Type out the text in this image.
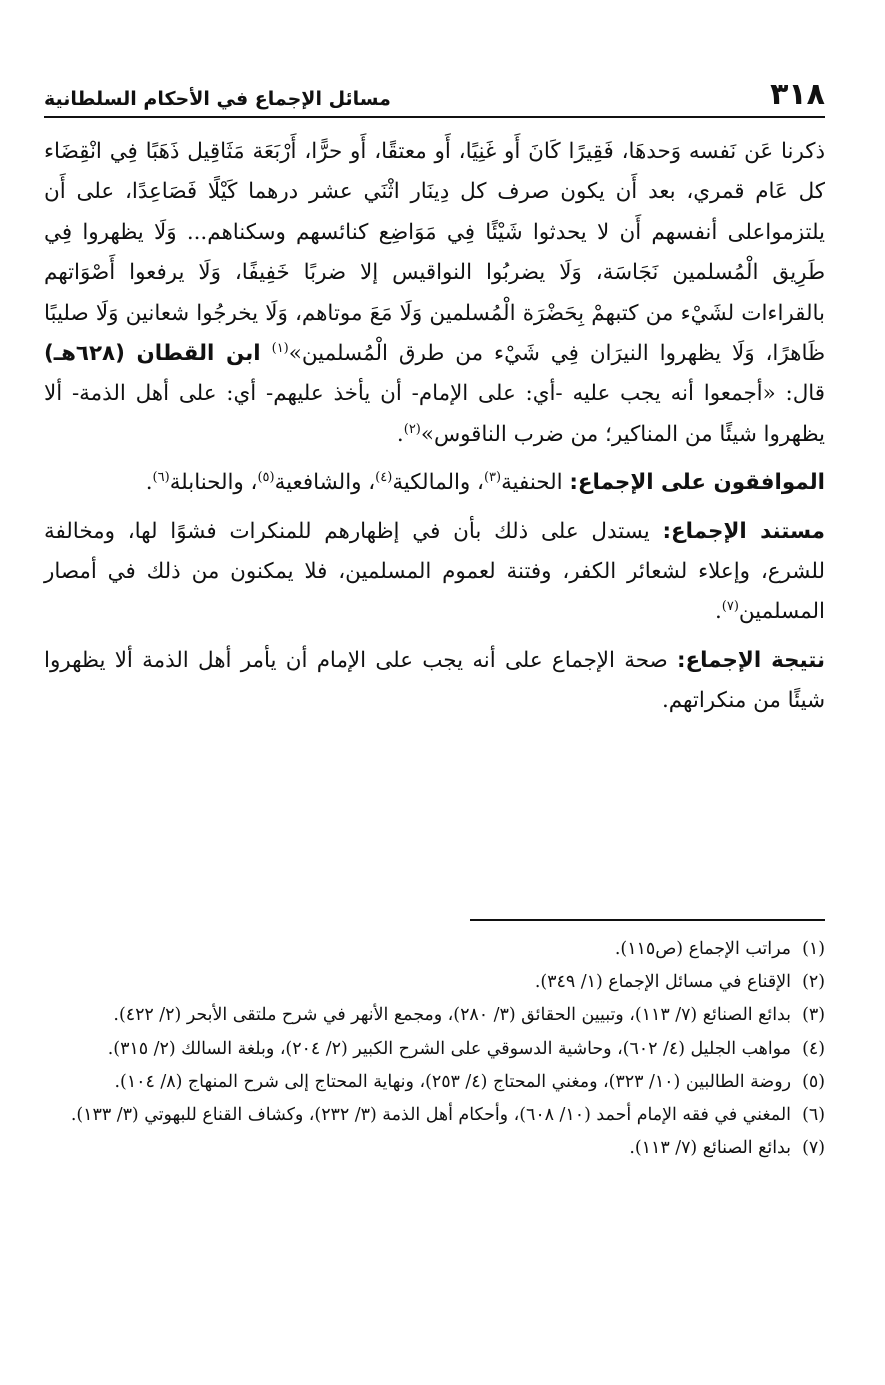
٣١٨
مسائل الإجماع في الأحكام السلطانية

ذكرنا عَن نَفسه وَحدهَا، فَقِيرًا كَانَ أَو غَنِيًا، أَو معتقًا، أَو حرًّا، أَرْبَعَة مَثَاقِيل ذَهَبًا فِي انْقِضَاء كل عَام قمري، بعد أَن يكون صرف كل دِينَار اثْنَي عشر درهما كَيْلًا فَصَاعِدًا، على أَن يلتزمواعلى أنفسهم أَن لا يحدثوا شَيْئًا فِي مَوَاضِع كنائسهم وسكناهم... وَلَا يظهروا فِي طَرِيق الْمُسلمين نَجَاسَة، وَلَا يضربُوا النواقيس إلا ضربًا خَفِيفًا، وَلَا يرفعوا أَصْوَاتهم بالقراءات لشَيْء من كتبهمْ بِحَضْرَة الْمُسلمين وَلَا مَعَ موتاهم، وَلَا يخرجُوا شعانين وَلَا صليبًا ظَاهرًا، وَلَا يظهروا النيرَان فِي شَيْء من طرق الْمُسلمين»$^{(١)}$ ابن القطان (٦٢٨هـ) قال: «أجمعوا أنه يجب عليه -أي: على الإمام- أن يأخذ عليهم- أي: على أهل الذمة- ألا يظهروا شيئًا من المناكير؛ من ضرب الناقوس»$^{(٢)}$.

الموافقون على الإجماع: الحنفية$^{(٣)}$، والمالكية$^{(٤)}$، والشافعية$^{(٥)}$، والحنابلة$^{(٦)}$.

مستند الإجماع: يستدل على ذلك بأن في إظهارهم للمنكرات فشوًا لها، ومخالفة للشرع، وإعلاء لشعائر الكفر، وفتنة لعموم المسلمين، فلا يمكنون من ذلك في أمصار المسلمين$^{(٧)}$.

نتيجة الإجماع: صحة الإجماع على أنه يجب على الإمام أن يأمر أهل الذمة ألا يظهروا شيئًا من منكراتهم.

(١)
مراتب الإجماع (ص١١٥).

(٢)
الإقناع في مسائل الإجماع (١/ ٣٤٩).

(٣)
بدائع الصنائع (٧/ ١١٣)، وتبيين الحقائق (٣/ ٢٨٠)، ومجمع الأنهر في شرح ملتقى الأبحر (٢/ ٤٢٢).

(٤)
مواهب الجليل (٤/ ٦٠٢)، وحاشية الدسوقي على الشرح الكبير (٢/ ٢٠٤)، وبلغة السالك (٢/ ٣١٥).

(٥)
روضة الطالبين (١٠/ ٣٢٣)، ومغني المحتاج (٤/ ٢٥٣)، ونهاية المحتاج إلى شرح المنهاج (٨/ ١٠٤).

(٦)
المغني في فقه الإمام أحمد (١٠/ ٦٠٨)، وأحكام أهل الذمة (٣/ ٢٣٢)، وكشاف القناع للبهوتي (٣/ ١٣٣).

(٧)
بدائع الصنائع (٧/ ١١٣).
